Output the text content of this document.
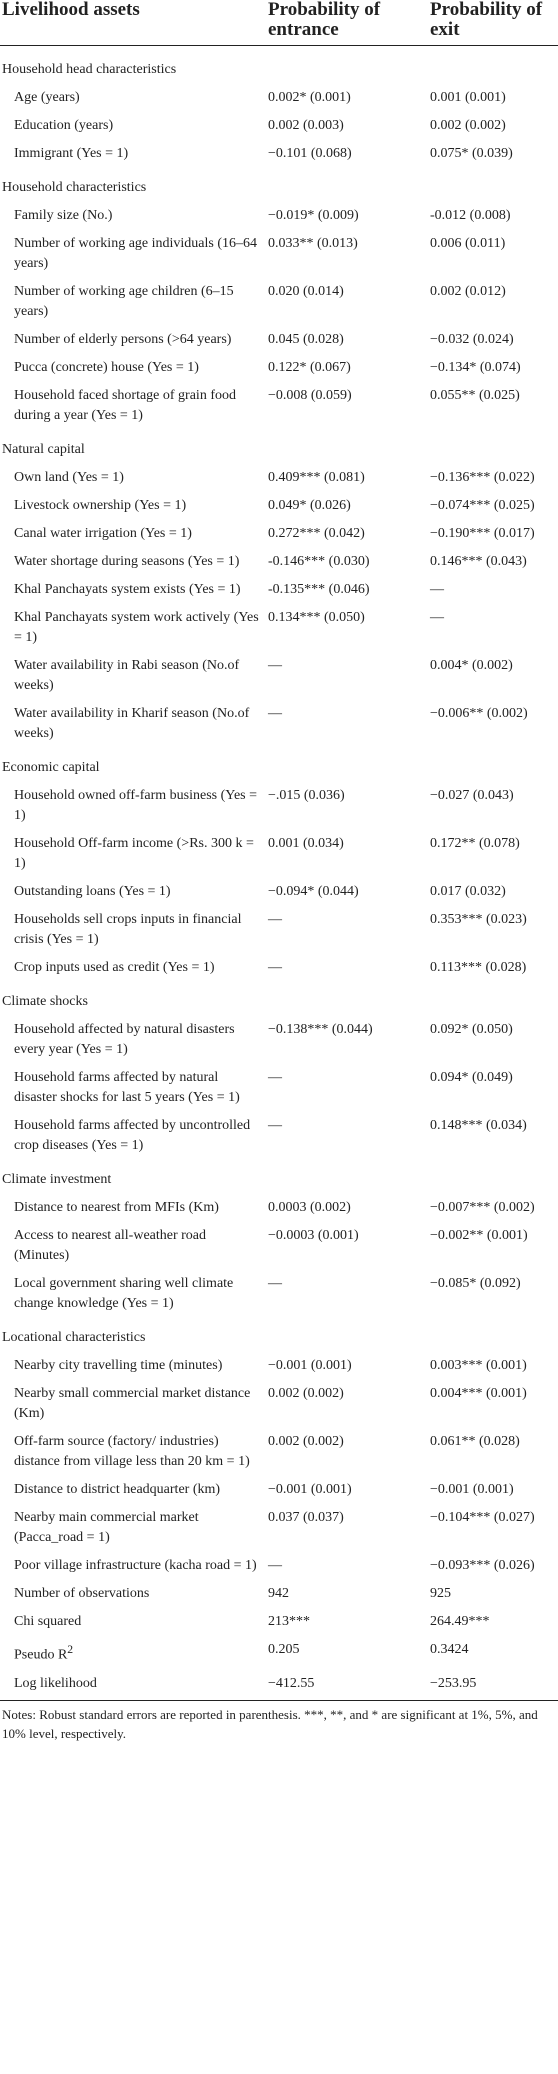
Livelihood assets	Probability of entrance	Probability of exit
Household head characteristics		
Age (years)	0.002* (0.001)	0.001 (0.001)
Education (years)	0.002 (0.003)	0.002 (0.002)
Immigrant (Yes = 1)	−0.101 (0.068)	0.075* (0.039)
Household characteristics		
Family size (No.)	−0.019* (0.009)	-0.012 (0.008)
Number of working age individuals (16–64 years)	0.033** (0.013)	0.006 (0.011)
Number of working age children (6–15 years)	0.020 (0.014)	0.002 (0.012)
Number of elderly persons (>64 years)	0.045 (0.028)	−0.032 (0.024)
Pucca (concrete) house (Yes = 1)	0.122* (0.067)	−0.134* (0.074)
Household faced shortage of grain food during a year (Yes = 1)	−0.008 (0.059)	0.055** (0.025)
Natural capital		
Own land (Yes = 1)	0.409*** (0.081)	−0.136*** (0.022)
Livestock ownership (Yes = 1)	0.049* (0.026)	−0.074*** (0.025)
Canal water irrigation (Yes = 1)	0.272*** (0.042)	−0.190*** (0.017)
Water shortage during seasons (Yes = 1)	-0.146*** (0.030)	0.146*** (0.043)
Khal Panchayats system exists (Yes = 1)	-0.135*** (0.046)	—
Khal Panchayats system work actively (Yes = 1)	0.134*** (0.050)	—
Water availability in Rabi season (No.of weeks)	—	0.004* (0.002)
Water availability in Kharif season (No.of weeks)	—	−0.006** (0.002)
Economic capital		
Household owned off-farm business (Yes = 1)	−.015 (0.036)	−0.027 (0.043)
Household Off-farm income (>Rs. 300 k = 1)	0.001 (0.034)	0.172** (0.078)
Outstanding loans (Yes = 1)	−0.094* (0.044)	0.017 (0.032)
Households sell crops inputs in financial crisis (Yes = 1)	—	0.353*** (0.023)
Crop inputs used as credit (Yes = 1)	—	0.113*** (0.028)
Climate shocks		
Household affected by natural disasters every year (Yes = 1)	−0.138*** (0.044)	0.092* (0.050)
Household farms affected by natural disaster shocks for last 5 years (Yes = 1)	—	0.094* (0.049)
Household farms affected by uncontrolled crop diseases (Yes = 1)	—	0.148*** (0.034)
Climate investment		
Distance to nearest from MFIs (Km)	0.0003 (0.002)	−0.007*** (0.002)
Access to nearest all-weather road (Minutes)	−0.0003 (0.001)	−0.002** (0.001)
Local government sharing well climate change knowledge (Yes = 1)	—	−0.085* (0.092)
Locational characteristics		
Nearby city travelling time (minutes)	−0.001 (0.001)	0.003*** (0.001)
Nearby small commercial market distance (Km)	0.002 (0.002)	0.004*** (0.001)
Off-farm source (factory/ industries) distance from village less than 20 km = 1)	0.002 (0.002)	0.061** (0.028)
Distance to district headquarter (km)	−0.001 (0.001)	−0.001 (0.001)
Nearby main commercial market (Pacca_road = 1)	0.037 (0.037)	−0.104*** (0.027)
Poor village infrastructure (kacha road = 1)	—	−0.093*** (0.026)
Number of observations	942	925
Chi squared	213***	264.49***
Pseudo $R^2$	0.205	0.3424
Log likelihood	−412.55	−253.95
Notes: Robust standard errors are reported in parenthesis. ***, **, and * are significant at 1%, 5%, and 10% level, respectively.
